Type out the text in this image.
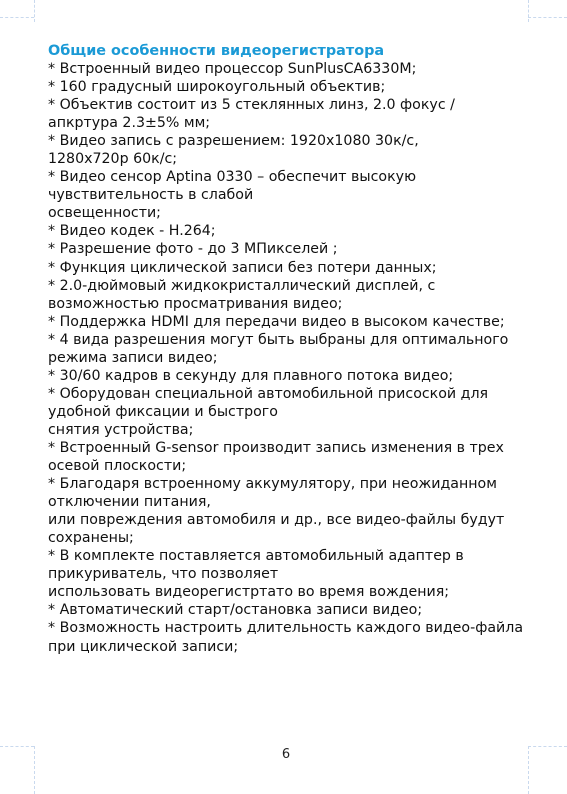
Общие особенности видеорегистратора
* Встроенный видео процессор SunPlusCA6330M;
* 160 градусный широкоугольный объектив;
* Объектив состоит из 5 стеклянных линз, 2.0 фокус /
апкртура 2.3±5% мм;
* Видео запись с разрешением: 1920x1080 30к/с,
1280x720p 60к/с;
* Видео сенсор Aptina 0330 – обеспечит высокую
чувствительность в слабой
освещенности;
* Видео кодек - H.264;
* Разрешение фото - до 3 МПикселей ;
* Функция циклической записи без потери данных;
* 2.0-дюймовый жидкокристаллический дисплей, с
возможностью просматривания видео;
* Поддержка HDMI для передачи видео в высоком качестве;
* 4 вида разрешения могут быть выбраны для оптимального
режима записи видео;
* 30/60 кадров в секунду для плавного потока видео;
* Оборудован специальной автомобильной присоской для
удобной фиксации и быстрого
снятия устройства;
* Встроенный G-sensor производит запись изменения в трех
осевой плоскости;
* Благодаря встроенному аккумулятору, при неожиданном
отключении питания,
или повреждения автомобиля и др., все видео-файлы будут
сохранены;
* В комплекте поставляется автомобильный адаптер в
прикуриватель, что позволяет
использовать видеорегистртато во время вождения;
* Автоматический старт/остановка записи видео;
* Возможность настроить длительность каждого видео-файла
при циклической записи;
6
